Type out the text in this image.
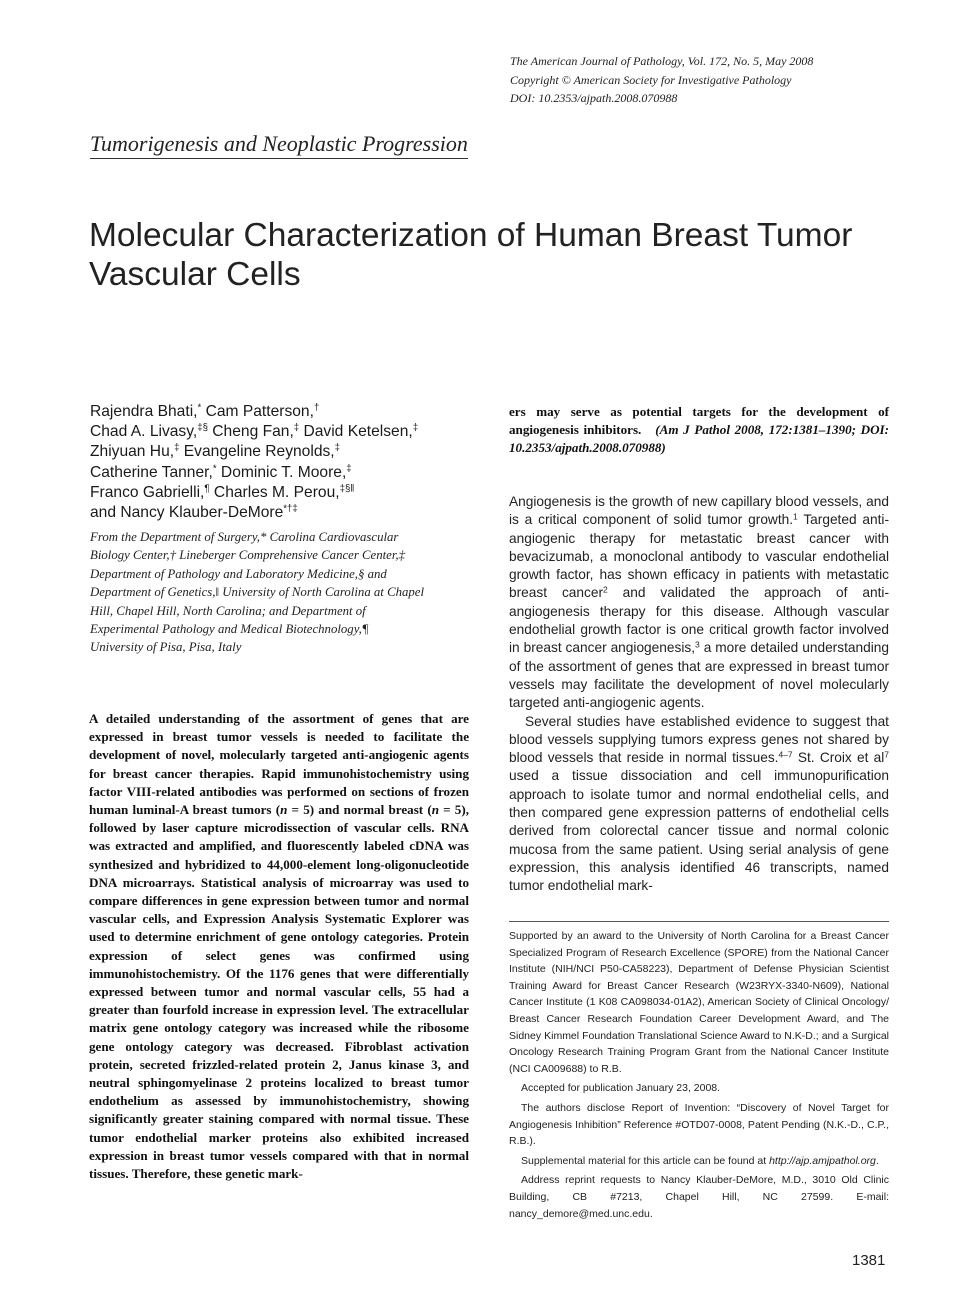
The American Journal of Pathology, Vol. 172, No. 5, May 2008
Copyright © American Society for Investigative Pathology
DOI: 10.2353/ajpath.2008.070988
Tumorigenesis and Neoplastic Progression
Molecular Characterization of Human Breast Tumor
Vascular Cells
Rajendra Bhati,* Cam Patterson,†
Chad A. Livasy,‡§ Cheng Fan,‡ David Ketelsen,‡
Zhiyuan Hu,‡ Evangeline Reynolds,‡
Catherine Tanner,* Dominic T. Moore,‡
Franco Gabrielli,¶ Charles M. Perou,‡§‖
and Nancy Klauber-DeMore*†‡
From the Department of Surgery,* Carolina Cardiovascular
Biology Center,† Lineberger Comprehensive Cancer Center,‡
Department of Pathology and Laboratory Medicine,§ and
Department of Genetics,‖ University of North Carolina at Chapel
Hill, Chapel Hill, North Carolina; and Department of
Experimental Pathology and Medical Biotechnology,¶
University of Pisa, Pisa, Italy

A detailed understanding of the assortment of genes that are expressed in breast tumor vessels is needed to facilitate the development of novel, molecularly targeted anti-angiogenic agents for breast cancer therapies. Rapid immunohistochemistry using factor VIII-related antibodies was performed on sections of frozen human luminal-A breast tumors (n = 5) and normal breast (n = 5), followed by laser capture microdissection of vascular cells. RNA was extracted and amplified, and fluorescently labeled cDNA was synthesized and hybridized to 44,000-element long-oligonucleotide DNA microarrays. Statistical analysis of microarray was used to compare differences in gene expression between tumor and normal vascular cells, and Expression Analysis Systematic Explorer was used to determine enrichment of gene ontology categories. Protein expression of select genes was confirmed using immunohistochemistry. Of the 1176 genes that were differentially expressed between tumor and normal vascular cells, 55 had a greater than fourfold increase in expression level. The extracellular matrix gene ontology category was increased while the ribosome gene ontology category was decreased. Fibroblast activation protein, secreted frizzled-related protein 2, Janus kinase 3, and neutral sphingomyelinase 2 proteins localized to breast tumor endothelium as assessed by immunohistochemistry, showing significantly greater staining compared with normal tissue. These tumor endothelial marker proteins also exhibited increased expression in breast tumor vessels compared with that in normal tissues. Therefore, these genetic mark-

ers may serve as potential targets for the development of angiogenesis inhibitors. (Am J Pathol 2008, 172:1381–1390; DOI: 10.2353/ajpath.2008.070988)

Angiogenesis is the growth of new capillary blood vessels, and is a critical component of solid tumor growth.$^1$ Targeted anti-angiogenic therapy for metastatic breast cancer with bevacizumab, a monoclonal antibody to vascular endothelial growth factor, has shown efficacy in patients with metastatic breast cancer$^2$ and validated the approach of anti-angiogenesis therapy for this disease. Although vascular endothelial growth factor is one critical growth factor involved in breast cancer angiogenesis,$^3$ a more detailed understanding of the assortment of genes that are expressed in breast tumor vessels may facilitate the development of novel molecularly targeted anti-angiogenic agents.

Several studies have established evidence to suggest that blood vessels supplying tumors express genes not shared by blood vessels that reside in normal tissues.$^{4-7}$ St. Croix et $al^7$ used a tissue dissociation and cell immunopurification approach to isolate tumor and normal endothelial cells, and then compared gene expression patterns of endothelial cells derived from colorectal cancer tissue and normal colonic mucosa from the same patient. Using serial analysis of gene expression, this analysis identified 46 transcripts, named tumor endothelial mark-

Supported by an award to the University of North Carolina for a Breast Cancer Specialized Program of Research Excellence (SPORE) from the National Cancer Institute (NIH/NCI P50-CA58223), Department of Defense Physician Scientist Training Award for Breast Cancer Research (W23RYX-3340-N609), National Cancer Institute (1 K08 CA098034-01A2), American Society of Clinical Oncology/ Breast Cancer Research Foundation Career Development Award, and The Sidney Kimmel Foundation Translational Science Award to N.K-D.; and a Surgical Oncology Research Training Program Grant from the National Cancer Institute (NCI CA009688) to R.B.

Accepted for publication January 23, 2008.

The authors disclose Report of Invention: “Discovery of Novel Target for Angiogenesis Inhibition” Reference #OTD07-0008, Patent Pending (N.K.-D., C.P., R.B.).

Supplemental material for this article can be found at http://ajp.amjpathol.org.

Address reprint requests to Nancy Klauber-DeMore, M.D., 3010 Old Clinic Building, CB #7213, Chapel Hill, NC 27599. E-mail: nancy_demore@med.unc.edu.

1381
